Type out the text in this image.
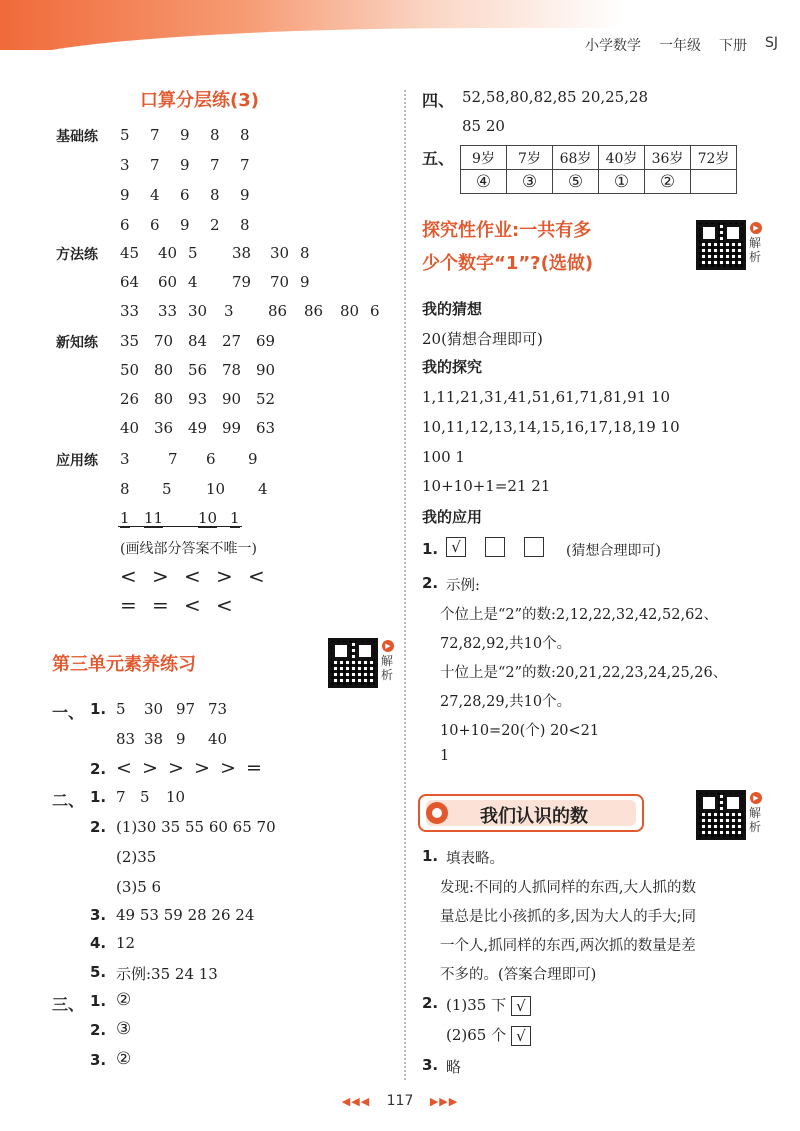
小学数学 一年级 下册 SJ
口算分层练(3)
基础练 5 7 9 8 8
3 7 9 7 7
9 4 6 8 9
6 6 9 2 8
方法练 45 40 5 38 30 8
64 60 4 79 70 9
33 33 30 3 86 86 80 6
新知练 35 70 84 27 69
50 80 56 78 90
26 80 93 90 52
40 36 49 99 63
应用练 3	7 6 9
8 5 10 4
1 11 10 1
(画线部分答案不唯一)
< > < > <
= = < <
第三单元素养练习
▶
解析
一、 1. 5 30 97 73
83 38 9 40
2. < > > > > =
二、 1. 7 5 10
2. (1)30 35 55 60 65 70
(2)35
(3)5 6
3. 49 53 59 28 26 24
4. 12
5. 示例:35 24 13
三、 1. ②
2. ③
3. ②
四、 52,58,80,82,85 20,25,28
85 20
五、 9岁	7岁	68岁	40岁	36岁	72岁
④	③	⑤	①	②	
探究性作业:一共有多
少个数字“1”?(选做)
▶
解析
我的猜想
20(猜想合理即可)
我的探究
1,11,21,31,41,51,61,71,81,91 10
10,11,12,13,14,15,16,17,18,19 10
100 1
10+10+1=21 21
我的应用
1. √	(猜想合理即可)
2. 示例:
个位上是“2”的数:2,12,22,32,42,52,62、
72,82,92,共10个。
十位上是“2”的数:20,21,22,23,24,25,26、
27,28,29,共10个。
10+10=20(个) 20<21
1
我们认识的数
▶
解析
1. 填表略。
发现:不同的人抓同样的东西,大人抓的数
量总是比小孩抓的多,因为大人的手大;同
一个人,抓同样的东西,两次抓的数量是差
不多的。(答案合理即可)
2. (1)35 下 √
(2)65 个 √
3. 略
◀◀◀ 117 ▶▶▶
